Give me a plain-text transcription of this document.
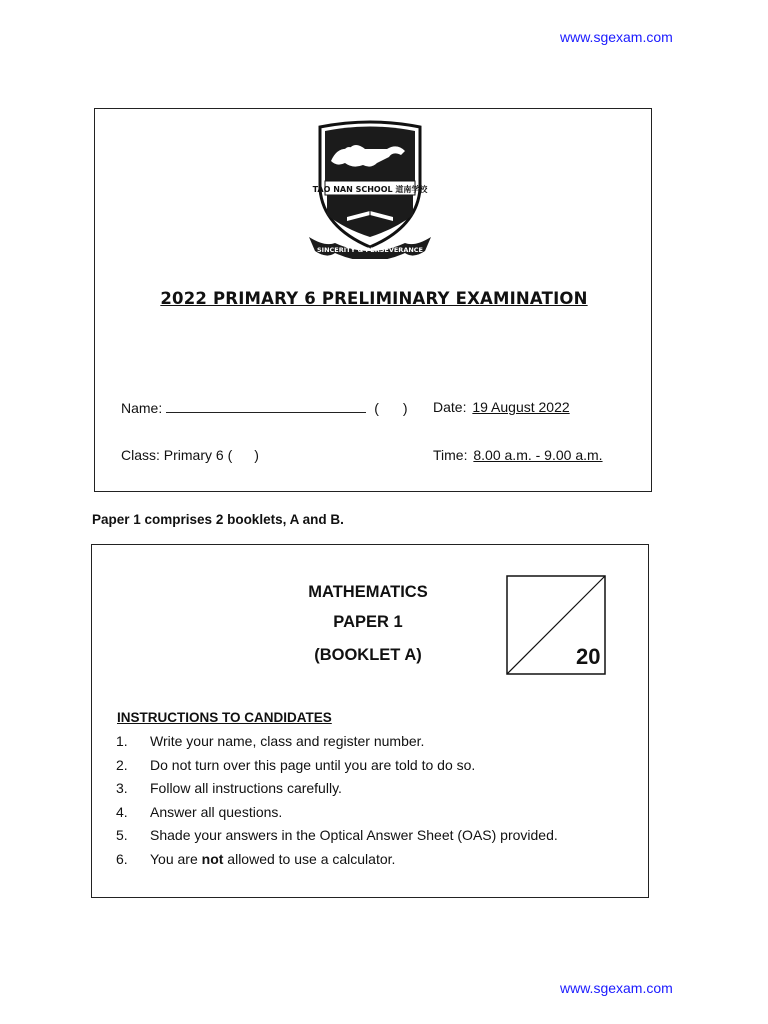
www.sgexam.com
TAO NAN SCHOOL 道南学校
SINCERITY & PERSEVERANCE
2022 PRIMARY 6 PRELIMINARY EXAMINATION
Name:	( ) Date: 19 August 2022
Class: Primary 6 ( )	Time: 8.00 a.m. - 9.00 a.m.
Paper 1 comprises 2 booklets, A and B.
MATHEMATICS
PAPER 1
(BOOKLET A)	20
INSTRUCTIONS TO CANDIDATES
1.	Write your name, class and register number.
2.	Do not turn over this page until you are told to do so.
3.	Follow all instructions carefully.
4.	Answer all questions.
5.	Shade your answers in the Optical Answer Sheet (OAS) provided.
6.	You are not allowed to use a calculator.
www.sgexam.com
